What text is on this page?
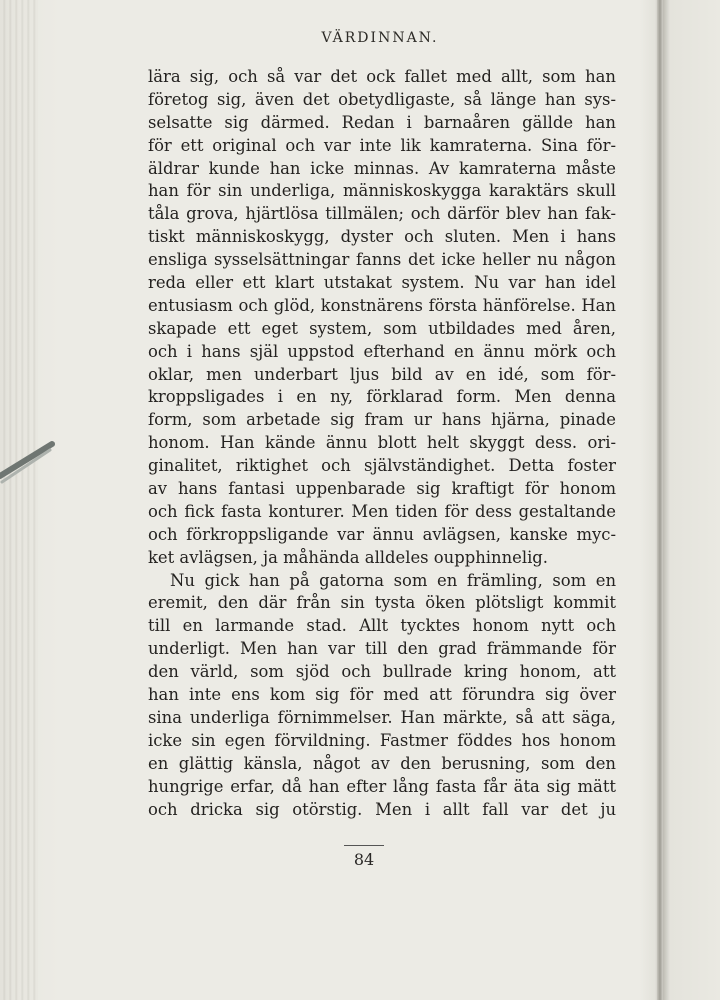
VÄRDINNAN.
lära sig, och så var det ock fallet med allt, som han
företog sig, även det obetydligaste, så länge han sys-
selsatte sig därmed. Redan i barnaåren gällde han
för ett original och var inte lik kamraterna. Sina för-
äldrar kunde han icke minnas. Av kamraterna måste
han för sin underliga, människoskygga karaktärs skull
tåla grova, hjärtlösa tillmälen; och därför blev han fak-
tiskt människoskygg, dyster och sluten. Men i hans
ensliga sysselsättningar fanns det icke heller nu någon
reda eller ett klart utstakat system. Nu var han idel
entusiasm och glöd, konstnärens första hänförelse. Han
skapade ett eget system, som utbildades med åren,
och i hans själ uppstod efterhand en ännu mörk och
oklar, men underbart ljus bild av en idé, som för-
kroppsligades i en ny, förklarad form. Men denna
form, som arbetade sig fram ur hans hjärna, pinade
honom. Han kände ännu blott helt skyggt dess. ori-
ginalitet, riktighet och självständighet. Detta foster
av hans fantasi uppenbarade sig kraftigt för honom
och fick fasta konturer. Men tiden för dess gestaltande
och förkroppsligande var ännu avlägsen, kanske myc-
ket avlägsen, ja måhända alldeles oupphinnelig.
Nu gick han på gatorna som en främling, som en
eremit, den där från sin tysta öken plötsligt kommit
till en larmande stad. Allt tycktes honom nytt och
underligt. Men han var till den grad främmande för
den värld, som sjöd och bullrade kring honom, att
han inte ens kom sig för med att förundra sig över
sina underliga förnimmelser. Han märkte, så att säga,
icke sin egen förvildning. Fastmer föddes hos honom
en glättig känsla, något av den berusning, som den
hungrige erfar, då han efter lång fasta får äta sig mätt
och dricka sig otörstig. Men i allt fall var det ju
84
